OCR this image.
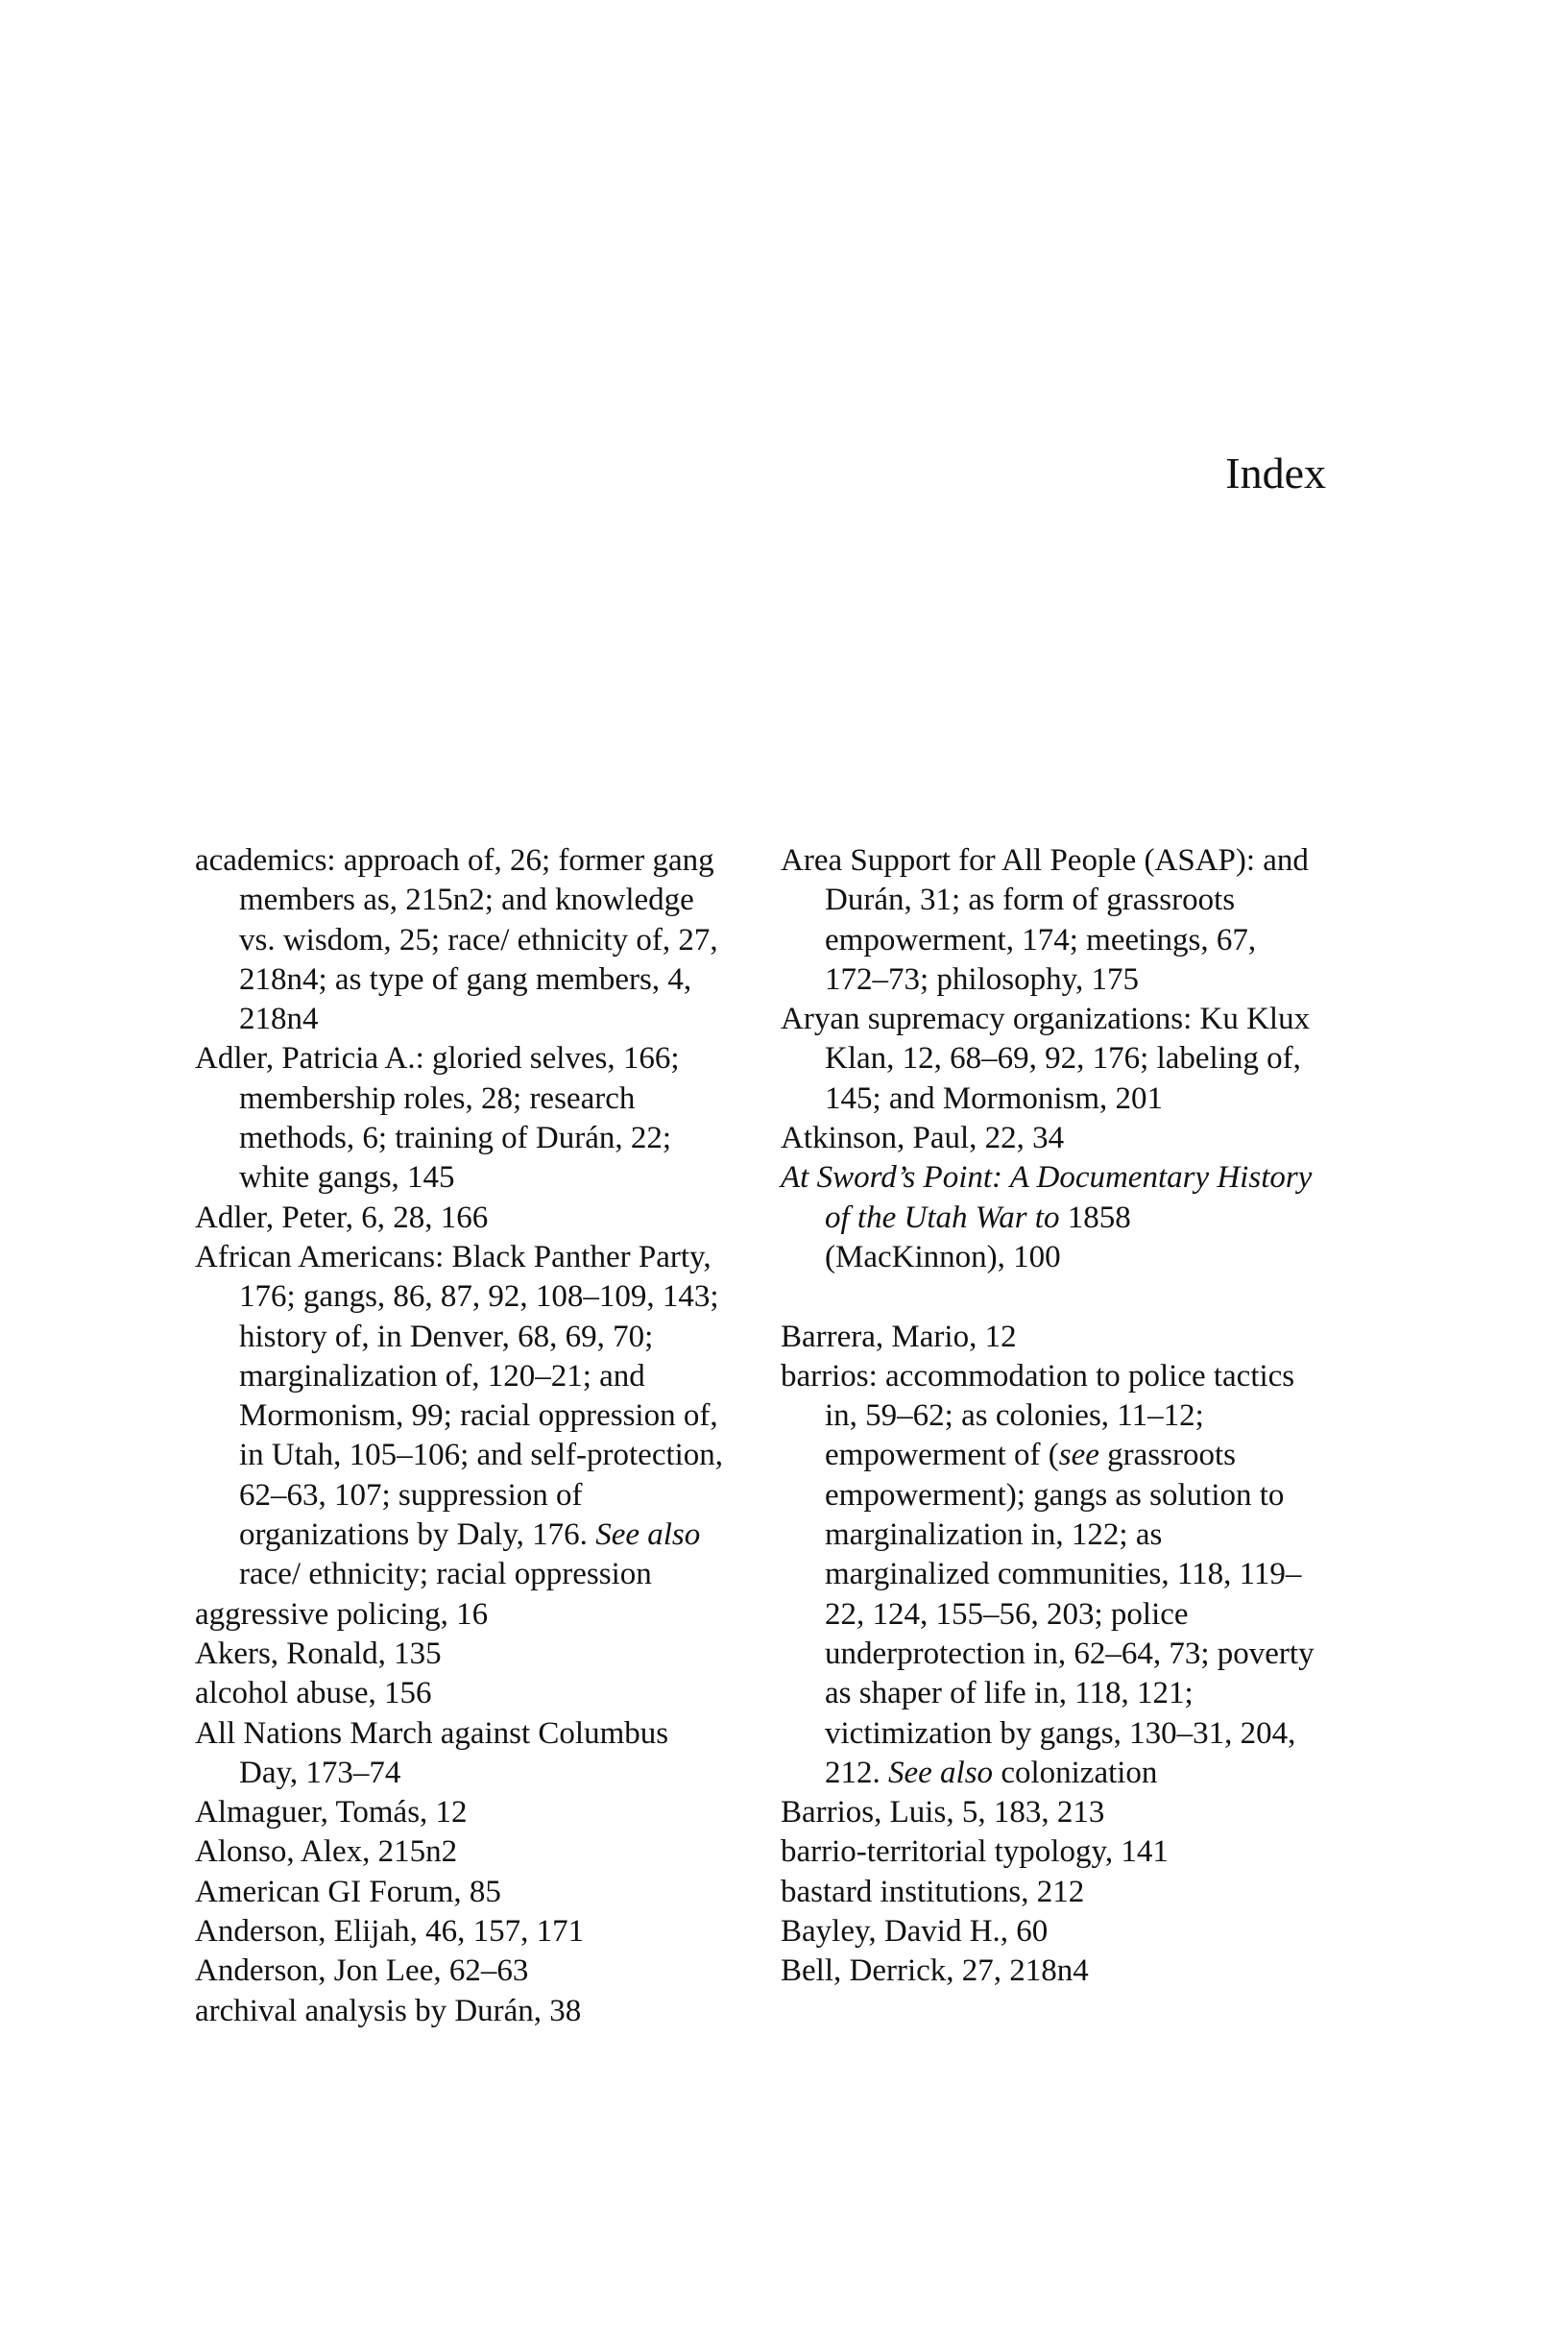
Index

academics: approach of, 26; former gang members as, 215n2; and knowledge vs. wisdom, 25; race/ ethnicity of, 27, 218n4; as type of gang members, 4, 218n4

Adler, Patricia A.: gloried selves, 166; membership roles, 28; research methods, 6; training of Durán, 22; white gangs, 145

Adler, Peter, 6, 28, 166

African Americans: Black Panther Party, 176; gangs, 86, 87, 92, 108–109, 143; history of, in Denver, 68, 69, 70; marginalization of, 120–21; and Mormonism, 99; racial oppression of, in Utah, 105–106; and self-protection, 62–63, 107; suppression of organizations by Daly, 176. See also race/ ethnicity; racial oppression

aggressive policing, 16

Akers, Ronald, 135

alcohol abuse, 156

All Nations March against Columbus Day, 173–74

Almaguer, Tomás, 12

Alonso, Alex, 215n2

American GI Forum, 85

Anderson, Elijah, 46, 157, 171

Anderson, Jon Lee, 62–63

archival analysis by Durán, 38

Area Support for All People (ASAP): and Durán, 31; as form of grassroots empowerment, 174; meetings, 67, 172–73; philosophy, 175

Aryan supremacy organizations: Ku Klux Klan, 12, 68–69, 92, 176; labeling of, 145; and Mormonism, 201

Atkinson, Paul, 22, 34

At Sword’s Point: A Documentary History of the Utah War to 1858 (MacKinnon), 100

Barrera, Mario, 12

barrios: accommodation to police tactics in, 59–62; as colonies, 11–12; empowerment of (see grassroots empowerment); gangs as solution to marginalization in, 122; as marginalized communities, 118, 119–22, 124, 155–56, 203; police underprotection in, 62–64, 73; poverty as shaper of life in, 118, 121; victimization by gangs, 130–31, 204, 212. See also colonization

Barrios, Luis, 5, 183, 213

barrio-territorial typology, 141

bastard institutions, 212

Bayley, David H., 60

Bell, Derrick, 27, 218n4
